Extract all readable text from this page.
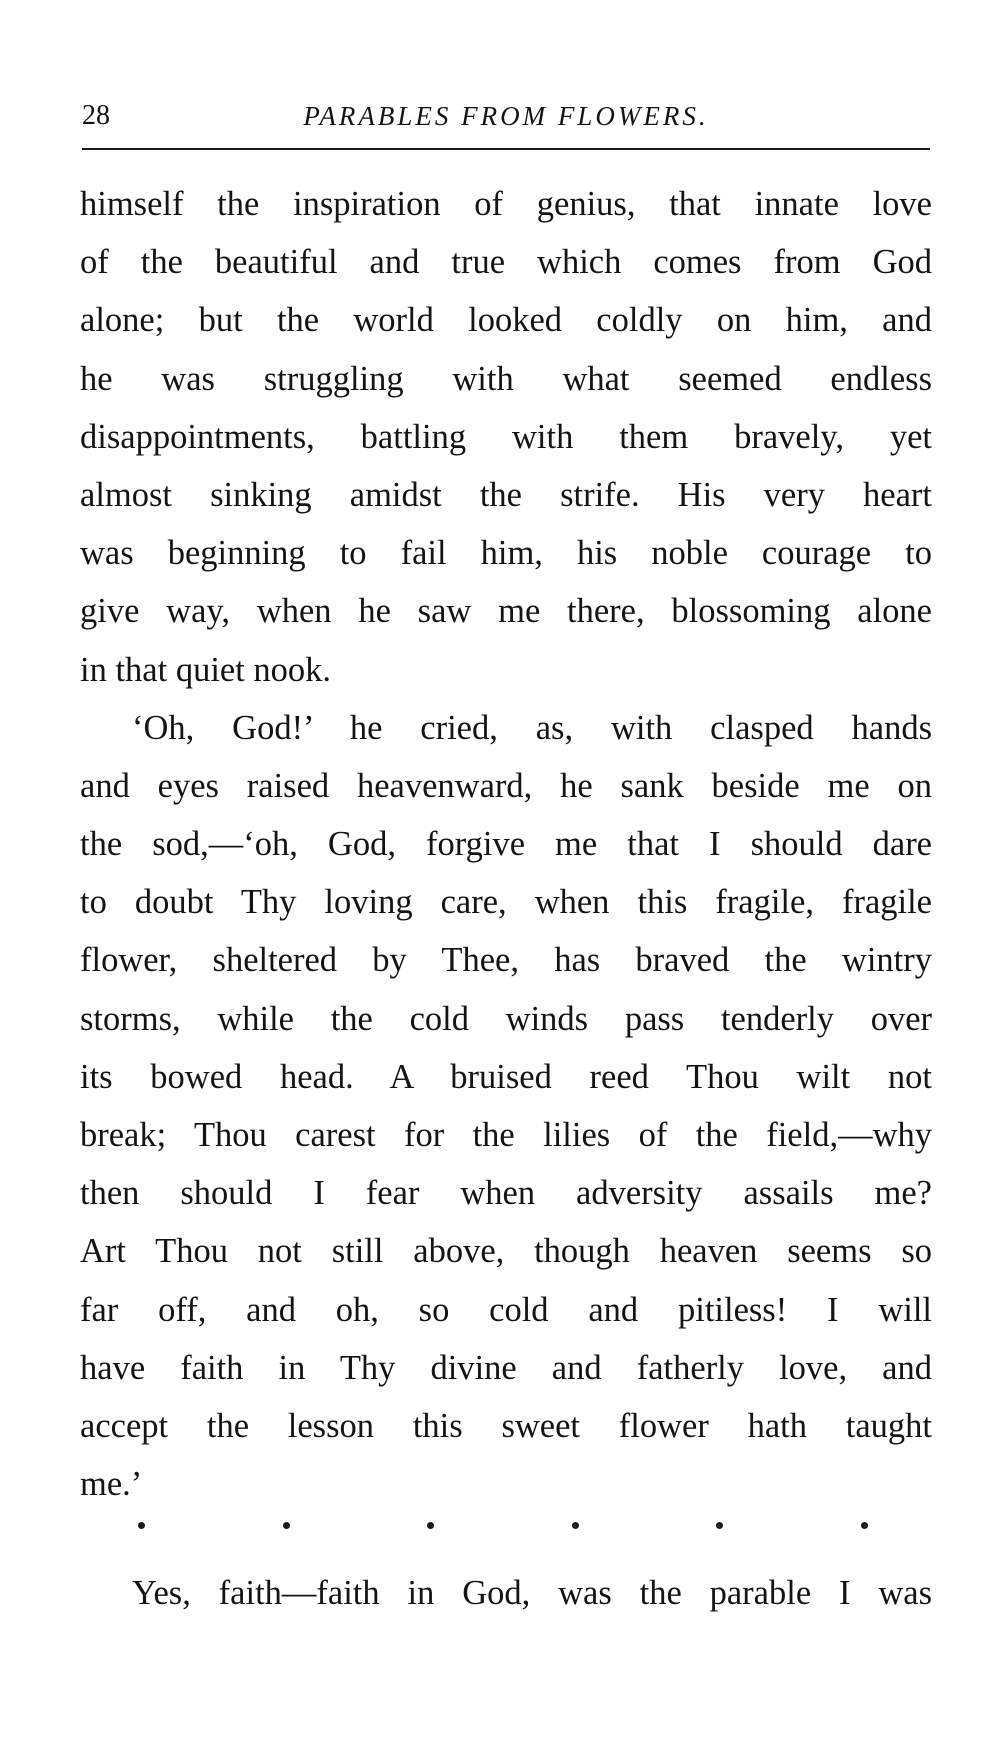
28	PARABLES FROM FLOWERS.
himself the inspiration of genius, that innate love
of the beautiful and true which comes from God
alone; but the world looked coldly on him, and
he was struggling with what seemed endless
disappointments, battling with them bravely, yet
almost sinking amidst the strife. His very heart
was beginning to fail him, his noble courage to
give way, when he saw me there, blossoming alone
in that quiet nook.
‘Oh, God!’ he cried, as, with clasped hands
and eyes raised heavenward, he sank beside me on
the sod,—‘oh, God, forgive me that I should dare
to doubt Thy loving care, when this fragile, fragile
flower, sheltered by Thee, has braved the wintry
storms, while the cold winds pass tenderly over
its bowed head. A bruised reed Thou wilt not
break; Thou carest for the lilies of the field,—why
then should I fear when adversity assails me?
Art Thou not still above, though heaven seems so
far off, and oh, so cold and pitiless! I will
have faith in Thy divine and fatherly love, and
accept the lesson this sweet flower hath taught
me.’
Yes, faith—faith in God, was the parable I was
